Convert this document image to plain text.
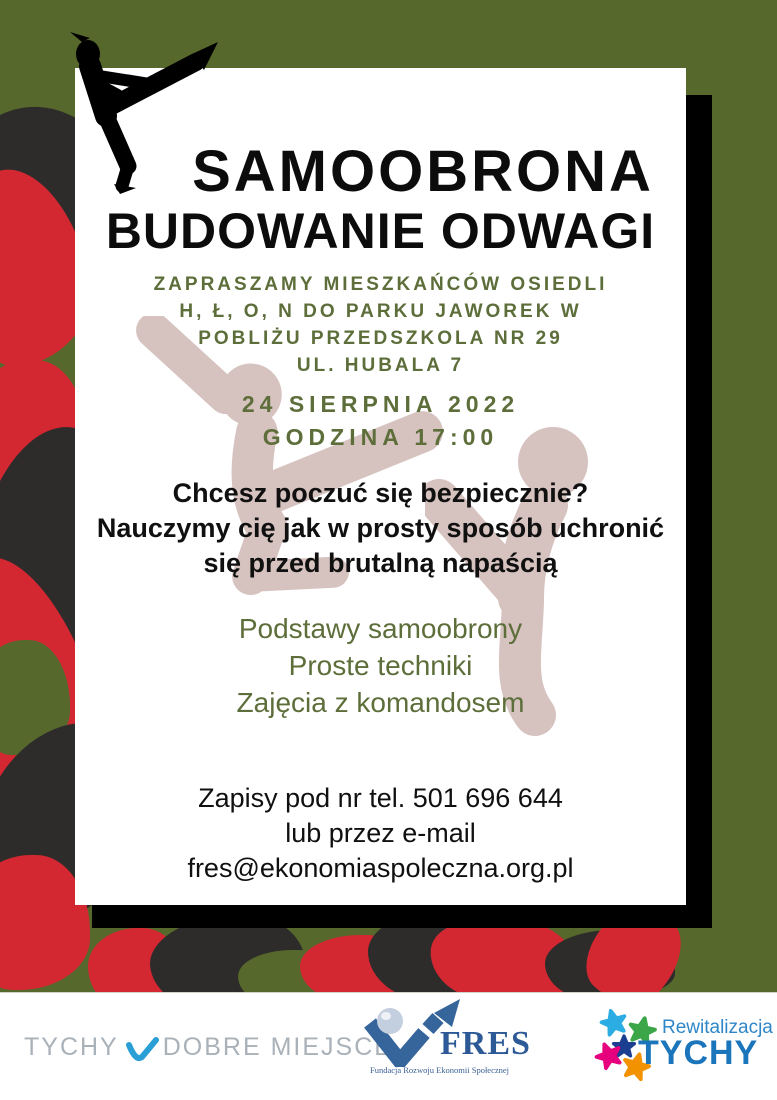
SAMOOBRONA
BUDOWANIE ODWAGI
ZAPRASZAMY MIESZKAŃCÓW OSIEDLI
H, Ł, O, N DO PARKU JAWOREK W
POBLIŻU PRZEDSZKOLA NR 29
UL. HUBALA 7
24 SIERPNIA 2022
GODZINA 17:00
Chcesz poczuć się bezpiecznie?
Nauczymy cię jak w prosty sposób uchronić
się przed brutalną napaścią
Podstawy samoobrony
Proste techniki
Zajęcia z komandosem
Zapisy pod nr tel. 501 696 644
lub przez e-mail
fres@ekonomiaspoleczna.org.pl
TYCHY DOBRE MIEJSCE FRES
Fundacja Rozwoju Ekonomii Społecznej
Rewitalizacja
TYCHY
